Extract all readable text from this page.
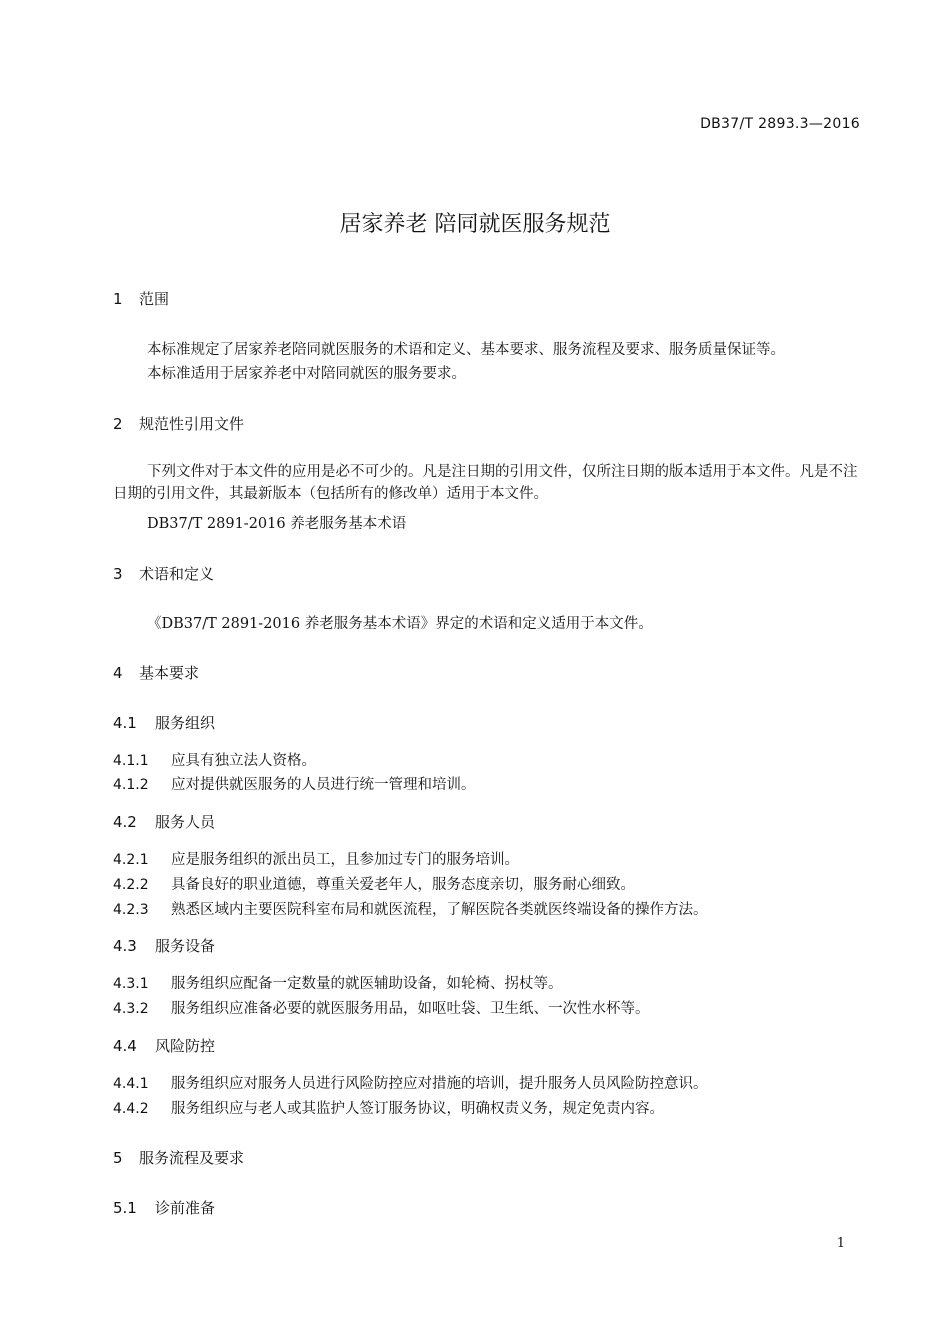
DB37/T 2893.3—2016
居家养老 陪同就医服务规范
1 范围
本标准规定了居家养老陪同就医服务的术语和定义、基本要求、服务流程及要求、服务质量保证等。
本标准适用于居家养老中对陪同就医的服务要求。
2 规范性引用文件
下列文件对于本文件的应用是必不可少的。凡是注日期的引用文件，仅所注日期的版本适用于本文件。凡是不注日期的引用文件，其最新版本（包括所有的修改单）适用于本文件。
DB37/T 2891-2016 养老服务基本术语
3 术语和定义
《DB37/T 2891-2016 养老服务基本术语》界定的术语和定义适用于本文件。
4 基本要求
4.1 服务组织
4.1.1 应具有独立法人资格。
4.1.2 应对提供就医服务的人员进行统一管理和培训。
4.2 服务人员
4.2.1 应是服务组织的派出员工，且参加过专门的服务培训。
4.2.2 具备良好的职业道德，尊重关爱老年人，服务态度亲切，服务耐心细致。
4.2.3 熟悉区域内主要医院科室布局和就医流程，了解医院各类就医终端设备的操作方法。
4.3 服务设备
4.3.1 服务组织应配备一定数量的就医辅助设备，如轮椅、拐杖等。
4.3.2 服务组织应准备必要的就医服务用品，如呕吐袋、卫生纸、一次性水杯等。
4.4 风险防控
4.4.1 服务组织应对服务人员进行风险防控应对措施的培训，提升服务人员风险防控意识。
4.4.2 服务组织应与老人或其监护人签订服务协议，明确权责义务，规定免责内容。
5 服务流程及要求
5.1 诊前准备
1
